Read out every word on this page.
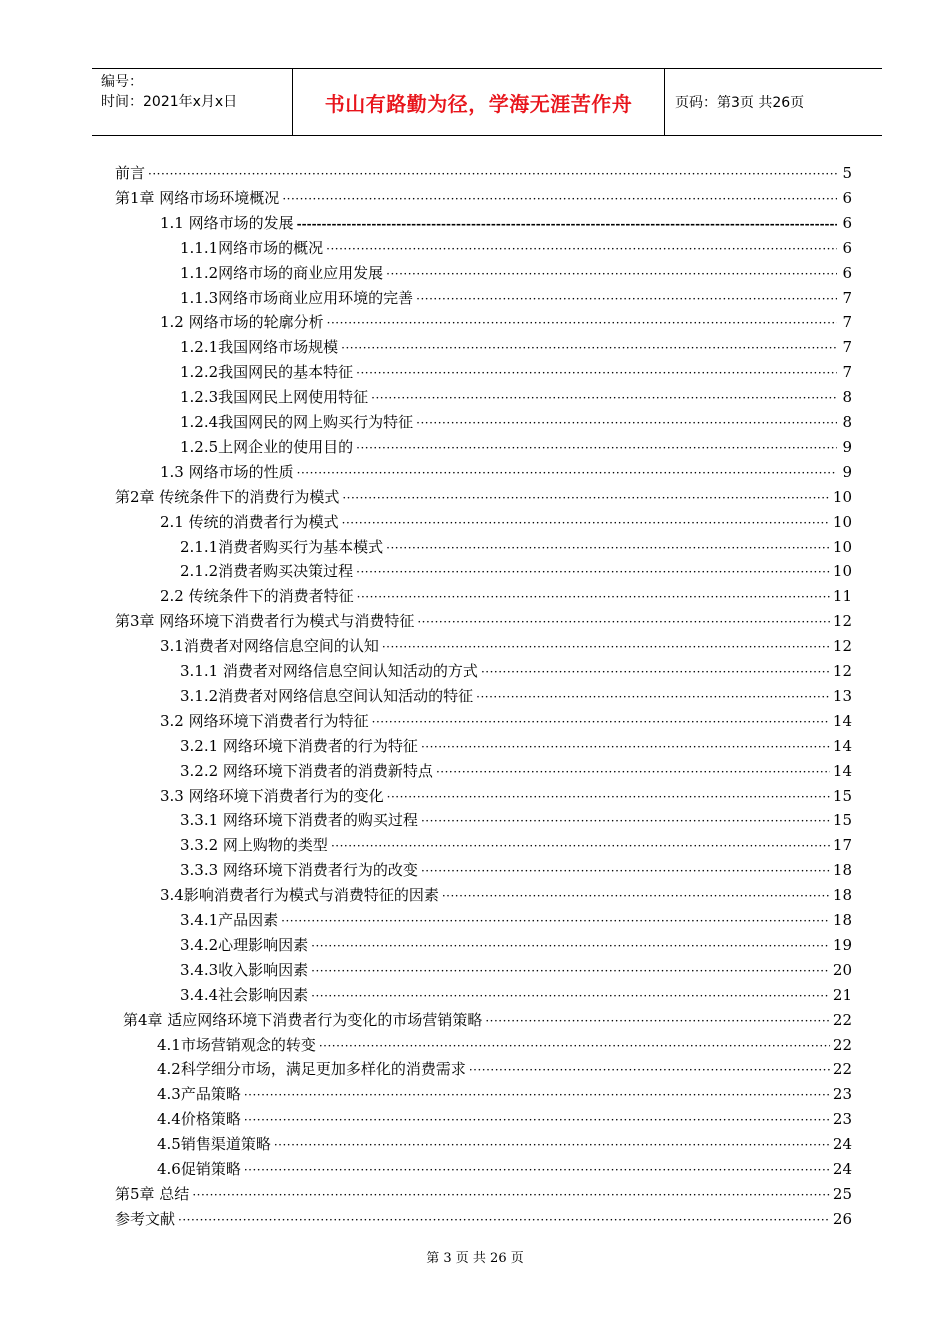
编号：
时间：2021年x月x日	书山有路勤为径，学海无涯苦作舟	页码：第3页 共26页
前言 ·····	5
第1章 网络市场环境概况 ·····	6
1.1 网络市场的发展 -----	6
1.1.1网络市场的概况 ·····	6
1.1.2网络市场的商业应用发展 ·····	6
1.1.3网络市场商业应用环境的完善 ·····	7
1.2 网络市场的轮廓分析 ·····	7
1.2.1我国网络市场规模 ·····	7
1.2.2我国网民的基本特征 ·····	7
1.2.3我国网民上网使用特征 ·····	8
1.2.4我国网民的网上购买行为特征 ·····	8
1.2.5上网企业的使用目的 ·····	9
1.3 网络市场的性质 ·····	9
第2章 传统条件下的消费行为模式 ·····	10
2.1 传统的消费者行为模式 ·····	10
2.1.1消费者购买行为基本模式 ·····	10
2.1.2消费者购买决策过程 ·····	10
2.2 传统条件下的消费者特征 ·····	11
第3章 网络环境下消费者行为模式与消费特征 ·····	12
3.1消费者对网络信息空间的认知 ·····	12
3.1.1 消费者对网络信息空间认知活动的方式 ·····	12
3.1.2消费者对网络信息空间认知活动的特征 ·····	13
3.2 网络环境下消费者行为特征 ·····	14
3.2.1 网络环境下消费者的行为特征 ·····	14
3.2.2 网络环境下消费者的消费新特点 ·····	14
3.3 网络环境下消费者行为的变化 ·····	15
3.3.1 网络环境下消费者的购买过程 ·····	15
3.3.2 网上购物的类型 ·····	17
3.3.3 网络环境下消费者行为的改变 ·····	18
3.4影响消费者行为模式与消费特征的因素 ·····	18
3.4.1产品因素 ·····	18
3.4.2心理影响因素 ·····	19
3.4.3收入影响因素 ·····	20
3.4.4社会影响因素 ·····	21
第4章 适应网络环境下消费者行为变化的市场营销策略 ·····	22
4.1市场营销观念的转变 ·····	22
4.2科学细分市场，满足更加多样化的消费需求 ·····	22
4.3产品策略 ·····	23
4.4价格策略 ·····	23
4.5销售渠道策略 ·····	24
4.6促销策略 ·····	24
第5章 总结 ·····	25
参考文献 ·····	26
第 3 页 共 26 页
